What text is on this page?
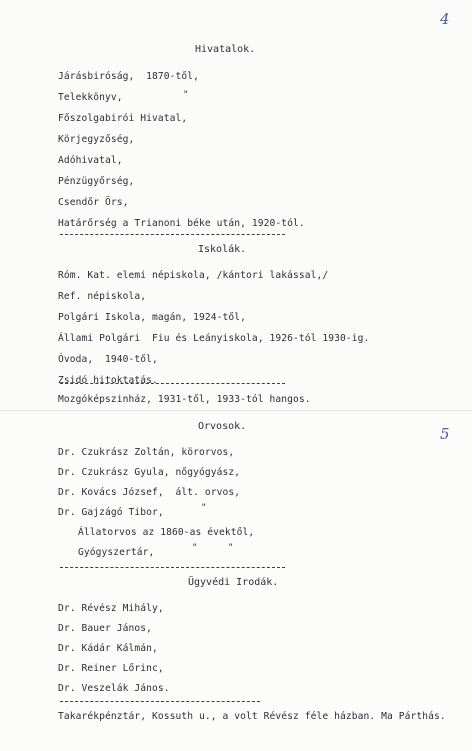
4
Hivatalok.
Járásbiróság,  1870-től,
"
Telekkönyv,
Főszolgabirói Hivatal,
Körjegyzőség,
Adóhivatal,
Pénzügyőrség,
Csendőr Örs,
Határőrség a Trianoni béke után, 1920-tól.
Iskolák.
Róm. Kat. elemi népiskola, /kántori lakással,/
Ref. népiskola,
Polgári Iskola, magán, 1924-től,
Állami Polgári  Fiu és Leányiskola, 1926-tól 1930-ig.
Óvoda,  1940-től,
Zsidó hitoktatás.
Mozgóképszinház, 1931-től, 1933-tól hangos.
5
Orvosok.
Dr. Czukrász Zoltán, körorvos,
Dr. Czukrász Gyula, nőgyógyász,
Dr. Kovács József,  ált. orvos,
Dr. Gajzágó Tibor,	"
Állatorvos az 1860-as évektől,
Gyógyszertár,	"	"
Ügyvédi Irodák.
Dr. Révész Mihály,
Dr. Bauer János,
Dr. Kádár Kálmán,
Dr. Reiner Lőrinc,
Dr. Veszelák János.
Takarékpénztár, Kossuth u., a volt Révész féle házban. Ma Párthás.
